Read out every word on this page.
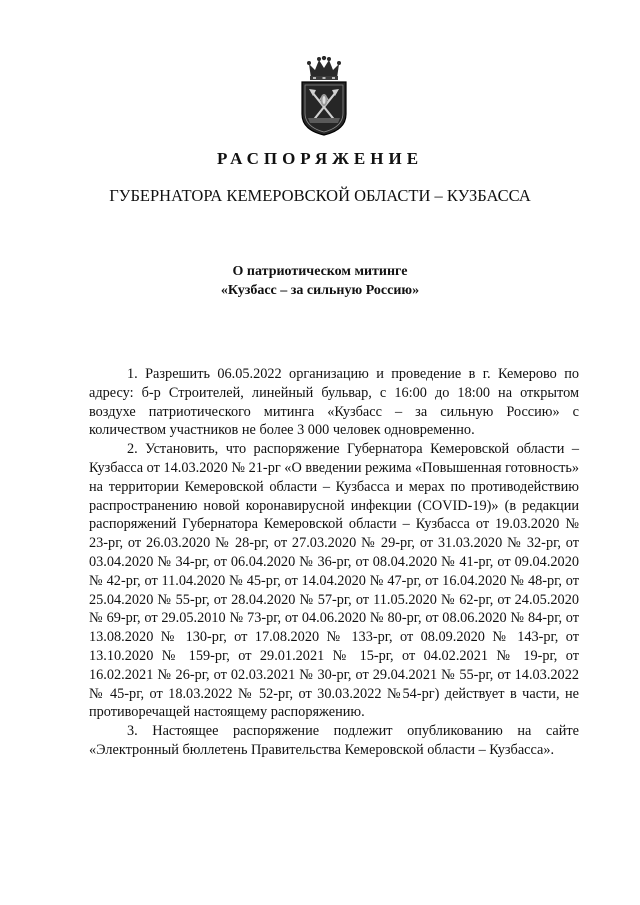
РАСПОРЯЖЕНИЕ
ГУБЕРНАТОРА КЕМЕРОВСКОЙ ОБЛАСТИ – КУЗБАССА
О патриотическом митинге
«Кузбасс – за сильную Россию»

1. Разрешить 06.05.2022 организацию и проведение в г. Кемерово по адресу: б-р Строителей, линейный бульвар, с 16:00 до 18:00 на открытом воздухе патриотического митинга «Кузбасс – за сильную Россию» с количеством участников не более 3 000 человек одновременно.

2. Установить, что распоряжение Губернатора Кемеровской области – Кузбасса от 14.03.2020 № 21-рг «О введении режима «Повышенная готовность» на территории Кемеровской области – Кузбасса и мерах по противодействию распространению новой коронавирусной инфекции (COVID-19)» (в редакции распоряжений Губернатора Кемеровской области – Кузбасса от 19.03.2020 № 23-рг, от 26.03.2020 № 28-рг, от 27.03.2020 № 29-рг, от 31.03.2020 № 32-рг, от 03.04.2020 № 34-рг, от 06.04.2020 № 36-рг, от 08.04.2020 № 41-рг, от 09.04.2020 № 42-рг, от 11.04.2020 № 45-рг, от 14.04.2020 № 47-рг, от 16.04.2020 № 48-рг, от 25.04.2020 № 55-рг, от 28.04.2020 № 57-рг, от 11.05.2020 № 62-рг, от 24.05.2020 № 69-рг, от 29.05.2010 № 73-рг, от 04.06.2020 № 80-рг, от 08.06.2020 № 84-рг, от 13.08.2020 № 130-рг, от 17.08.2020 № 133-рг, от 08.09.2020 № 143-рг, от 13.10.2020 № 159-рг, от 29.01.2021 № 15-рг, от 04.02.2021 № 19-рг, от 16.02.2021 № 26-рг, от 02.03.2021 № 30-рг, от 29.04.2021 № 55-рг, от 14.03.2022 № 45-рг, от 18.03.2022 № 52-рг, от 30.03.2022 №54-рг) действует в части, не противоречащей настоящему распоряжению.

3. Настоящее распоряжение подлежит опубликованию на сайте «Электронный бюллетень Правительства Кемеровской области – Кузбасса».
